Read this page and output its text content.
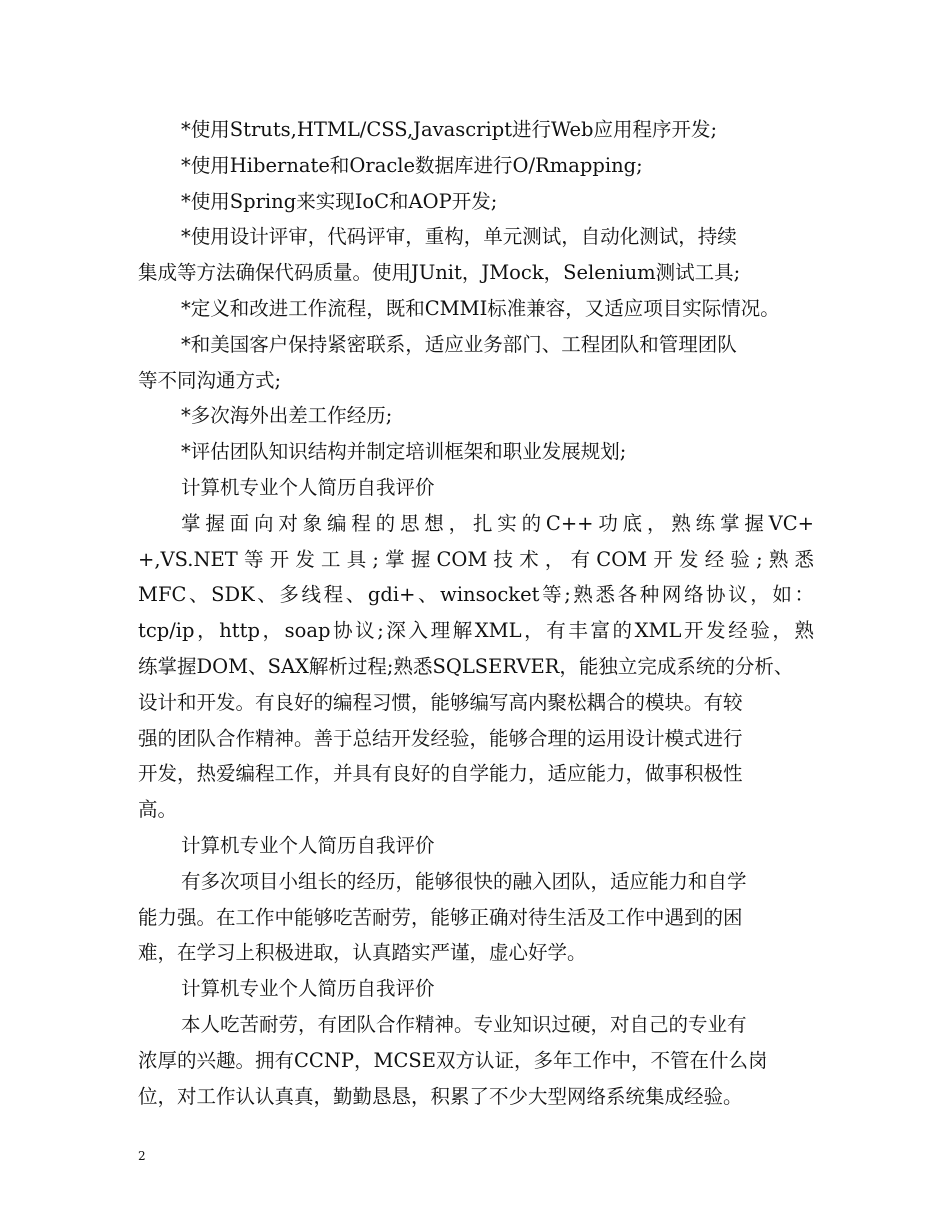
*使用Struts,HTML/CSS,Javascript进行Web应用程序开发;
*使用Hibernate和Oracle数据库进行O/Rmapping;
*使用Spring来实现IoC和AOP开发;
*使用设计评审，代码评审，重构，单元测试，自动化测试，持续
集成等方法确保代码质量。使用JUnit，JMock，Selenium测试工具;
*定义和改进工作流程，既和CMMI标准兼容，又适应项目实际情况。
*和美国客户保持紧密联系，适应业务部门、工程团队和管理团队
等不同沟通方式;
*多次海外出差工作经历;
*评估团队知识结构并制定培训框架和职业发展规划;
计算机专业个人简历自我评价
掌握面向对象编程的思想，扎实的C++功底，熟练掌握VC+
+,VS.NET等开发工具;掌握COM技术，有COM开发经验;熟悉
MFC、SDK、多线程、gdi+、winsocket等;熟悉各种网络协议，如：
tcp/ip，http，soap协议;深入理解XML，有丰富的XML开发经验，熟
练掌握DOM、SAX解析过程;熟悉SQLSERVER，能独立完成系统的分析、
设计和开发。有良好的编程习惯，能够编写高内聚松耦合的模块。有较
强的团队合作精神。善于总结开发经验，能够合理的运用设计模式进行
开发，热爱编程工作，并具有良好的自学能力，适应能力，做事积极性
高。
计算机专业个人简历自我评价
有多次项目小组长的经历，能够很快的融入团队，适应能力和自学
能力强。在工作中能够吃苦耐劳，能够正确对待生活及工作中遇到的困
难，在学习上积极进取，认真踏实严谨，虚心好学。
计算机专业个人简历自我评价
本人吃苦耐劳，有团队合作精神。专业知识过硬，对自己的专业有
浓厚的兴趣。拥有CCNP，MCSE双方认证，多年工作中，不管在什么岗
位，对工作认认真真，勤勤恳恳，积累了不少大型网络系统集成经验。
2
